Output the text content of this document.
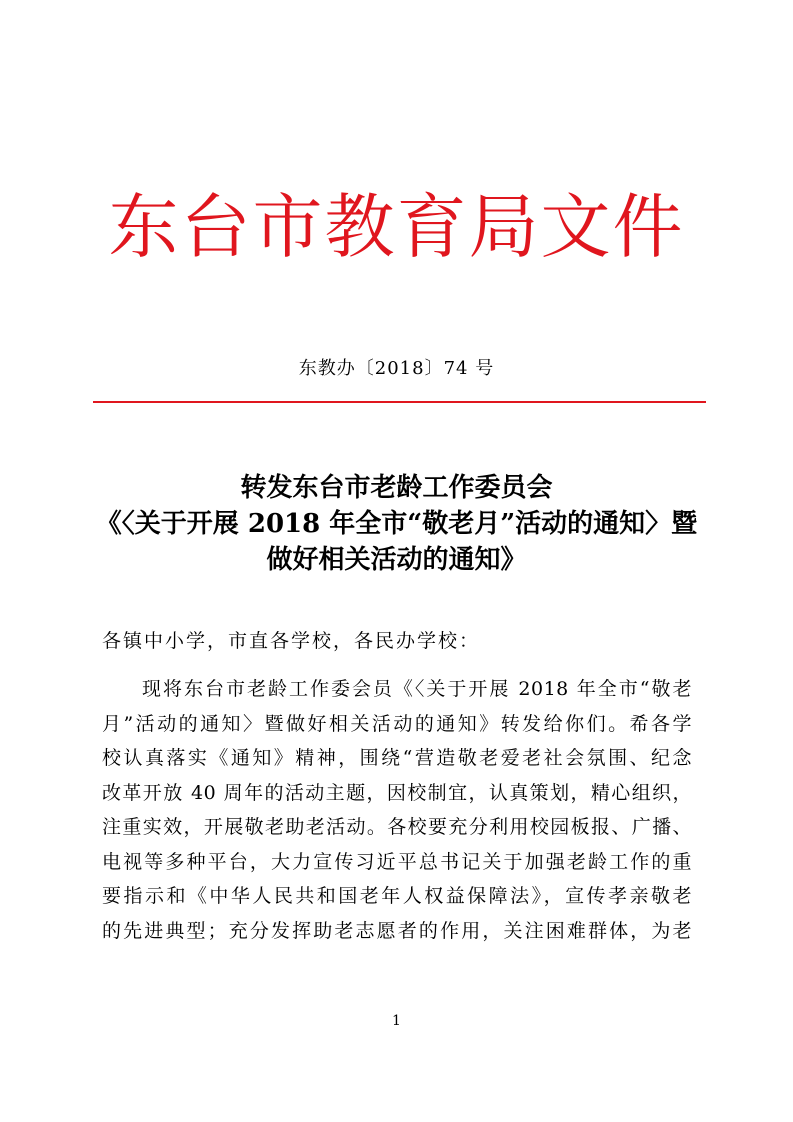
东台市教育局文件
东教办〔2018〕74 号
转发东台市老龄工作委员会
《〈关于开展 2018 年全市“敬老月”活动的通知〉暨
做好相关活动的通知》
各镇中小学，市直各学校，各民办学校：
现将东台市老龄工作委会员《〈关于开展 2018 年全市“敬老
月”活动的通知〉暨做好相关活动的通知》转发给你们。希各学
校认真落实《通知》精神，围绕“营造敬老爱老社会氛围、纪念
改革开放 40 周年的活动主题，因校制宜，认真策划，精心组织，
注重实效，开展敬老助老活动。各校要充分利用校园板报、广播、
电视等多种平台，大力宣传习近平总书记关于加强老龄工作的重
要指示和《中华人民共和国老年人权益保障法》，宣传孝亲敬老
的先进典型；充分发挥助老志愿者的作用，关注困难群体，为老
1
